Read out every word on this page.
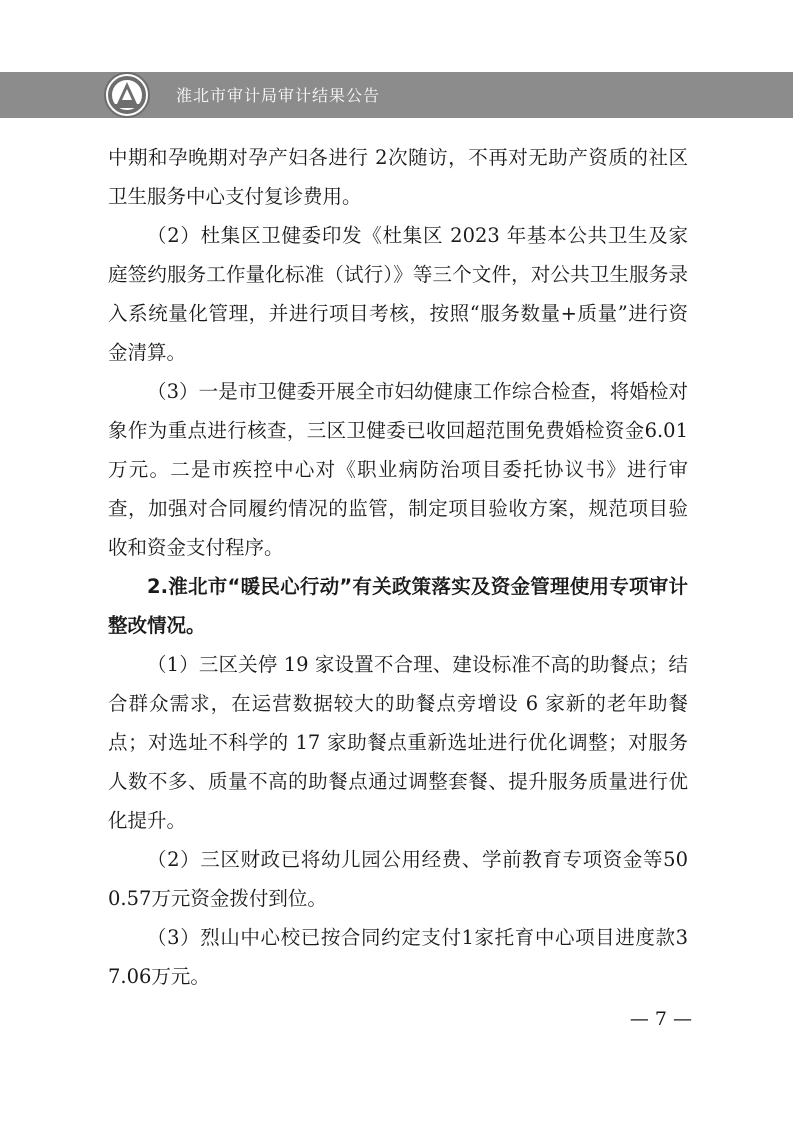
淮北市审计局审计结果公告

中期和孕晚期对孕产妇各进行 2次随访，不再对无助产资质的社区卫生服务中心支付复诊费用。

（2）杜集区卫健委印发《杜集区 2023 年基本公共卫生及家庭签约服务工作量化标准（试行）》等三个文件，对公共卫生服务录入系统量化管理，并进行项目考核，按照“服务数量+质量”进行资金清算。

（3）一是市卫健委开展全市妇幼健康工作综合检查，将婚检对象作为重点进行核查，三区卫健委已收回超范围免费婚检资金6.01万元。二是市疾控中心对《职业病防治项目委托协议书》进行审查，加强对合同履约情况的监管，制定项目验收方案，规范项目验收和资金支付程序。

2.淮北市“暖民心行动”有关政策落实及资金管理使用专项审计整改情况。

（1）三区关停 19 家设置不合理、建设标准不高的助餐点；结合群众需求，在运营数据较大的助餐点旁增设 6 家新的老年助餐点；对选址不科学的 17 家助餐点重新选址进行优化调整；对服务人数不多、质量不高的助餐点通过调整套餐、提升服务质量进行优化提升。

（2）三区财政已将幼儿园公用经费、学前教育专项资金等500.57万元资金拨付到位。

（3）烈山中心校已按合同约定支付1家托育中心项目进度款37.06万元。

— 7 —
